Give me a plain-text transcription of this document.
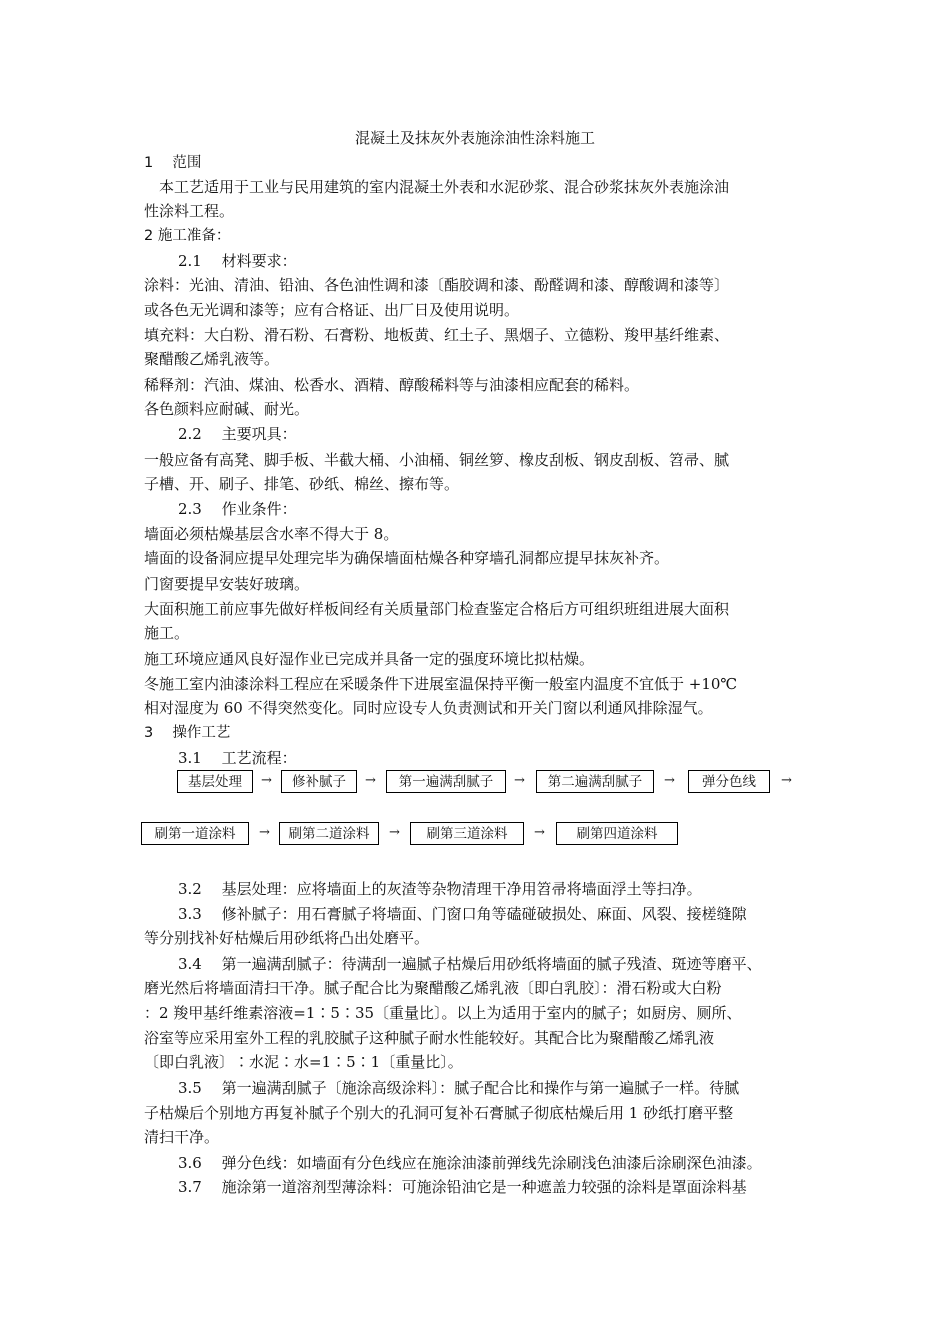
混凝土及抹灰外表施涂油性涂料施工
1　 范围
　本工艺适用于工业与民用建筑的室内混凝土外表和水泥砂浆、混合砂浆抹灰外表施涂油
性涂料工程。
2 施工准备：
2.1　 材料要求：
涂料：光油、清油、铅油、各色油性调和漆〔酯胶调和漆、酚醛调和漆、醇酸调和漆等〕
或各色无光调和漆等；应有合格证、出厂日及使用说明。
填充料：大白粉、滑石粉、石膏粉、地板黄、红土子、黑烟子、立德粉、羧甲基纤维素、
聚醋酸乙烯乳液等。
稀释剂：汽油、煤油、松香水、酒精、醇酸稀料等与油漆相应配套的稀料。
各色颜料应耐碱、耐光。
2.2　 主要巩具：
一般应备有高凳、脚手板、半截大桶、小油桶、铜丝箩、橡皮刮板、钢皮刮板、笤帚、腻
子槽、开、刷子、排笔、砂纸、棉丝、擦布等。
2.3　 作业条件：
墙面必须枯燥基层含水率不得大于 8。
墙面的设备洞应提早处理完毕为确保墙面枯燥各种穿墙孔洞都应提早抹灰补齐。
门窗要提早安装好玻璃。
大面积施工前应事先做好样板间经有关质量部门检查鉴定合格后方可组织班组进展大面积
施工。
施工环境应通风良好湿作业已完成并具备一定的强度环境比拟枯燥。
冬施工室内油漆涂料工程应在采暖条件下进展室温保持平衡一般室内温度不宜低于 +10℃
相对湿度为 60 不得突然变化。同时应设专人负责测试和开关门窗以利通风排除湿气。
3　 操作工艺
3.1　 工艺流程：
基层处理	→	修补腻子	→	第一遍满刮腻子	→	第二遍满刮腻子	→	弹分色线	→
刷第一道涂料	→	刷第二道涂料	→	刷第三道涂料	→	刷第四道涂料
3.2　 基层处理：应将墙面上的灰渣等杂物清理干净用笤帚将墙面浮土等扫净。
3.3　 修补腻子：用石膏腻子将墙面、门窗口角等磕碰破损处、麻面、风裂、接槎缝隙
等分别找补好枯燥后用砂纸将凸出处磨平。
3.4　 第一遍满刮腻子：待满刮一遍腻子枯燥后用砂纸将墙面的腻子残渣、斑迹等磨平、
磨光然后将墙面清扫干净。腻子配合比为聚醋酸乙烯乳液〔即白乳胶〕：滑石粉或大白粉
：2 羧甲基纤维素溶液=1∶5∶35〔重量比〕。以上为适用于室内的腻子；如厨房、厕所、
浴室等应采用室外工程的乳胶腻子这种腻子耐水性能较好。其配合比为聚醋酸乙烯乳液
〔即白乳液〕∶水泥∶水=1∶5∶1〔重量比〕。
3.5　 第一遍满刮腻子〔施涂高级涂料〕：腻子配合比和操作与第一遍腻子一样。待腻
子枯燥后个别地方再复补腻子个别大的孔洞可复补石膏腻子彻底枯燥后用 1 砂纸打磨平整
清扫干净。
3.6　 弹分色线：如墙面有分色线应在施涂油漆前弹线先涂刷浅色油漆后涂刷深色油漆。
3.7　 施涂第一道溶剂型薄涂料：可施涂铅油它是一种遮盖力较强的涂料是罩面涂料基
